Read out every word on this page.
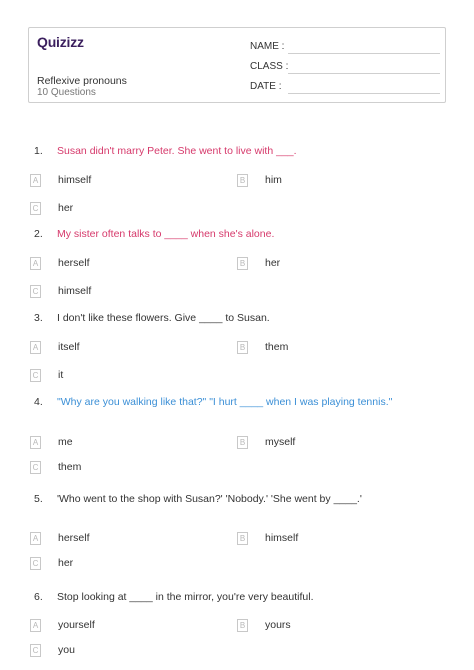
Quizizz
Reflexive pronouns
10 Questions
NAME :
CLASS :
DATE :
1. Susan didn't marry Peter. She went to live with ___.
A himself	B him
C her
2. My sister often talks to ____ when she's alone.
A herself	B her
C himself
3. I don't like these flowers. Give ____ to Susan.
A itself	B them
C it
4. "Why are you walking like that?" "I hurt ____ when I was playing tennis."
A me	B myself
C them
5. 'Who went to the shop with Susan?' 'Nobody.' 'She went by ____.'
A herself	B himself
C her
6. Stop looking at ____ in the mirror, you're very beautiful.
A yourself	B yours
C you
